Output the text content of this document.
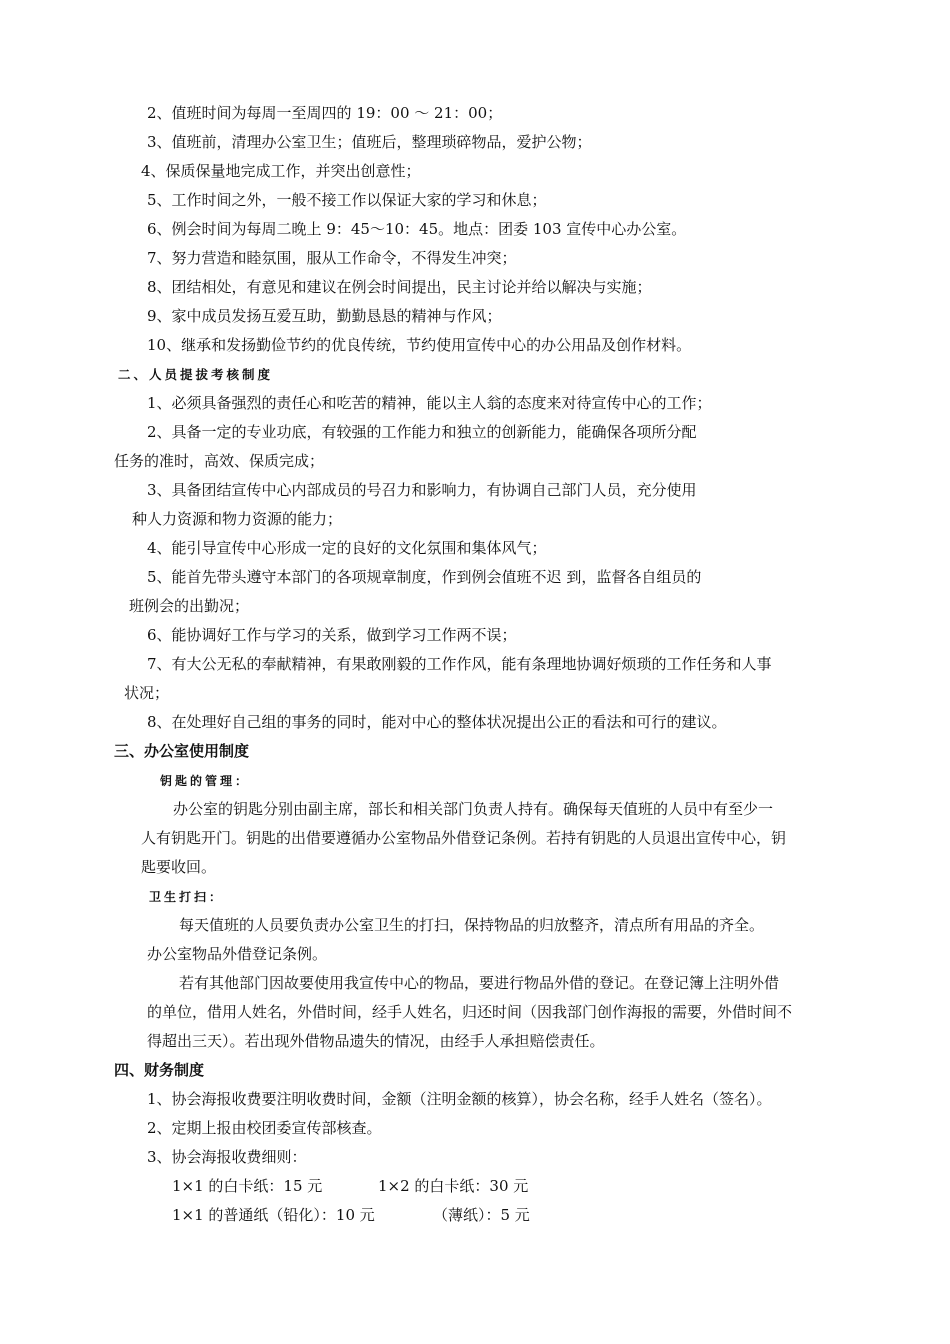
2、值班时间为每周一至周四的 19：00 ～ 21：00；
3、值班前，清理办公室卫生；值班后，整理琐碎物品，爱护公物；
4、保质保量地完成工作，并突出创意性；
5、工作时间之外，一般不接工作以保证大家的学习和休息；
6、例会时间为每周二晚上 9：45～10：45。地点：团委 103 宣传中心办公室。
7、努力营造和睦氛围，服从工作命令，不得发生冲突；
8、团结相处，有意见和建议在例会时间提出，民主讨论并给以解决与实施；
9、家中成员发扬互爱互助，勤勤恳恳的精神与作风；
10、继承和发扬勤俭节约的优良传统，节约使用宣传中心的办公用品及创作材料。
二、人员提拔考核制度
1、必须具备强烈的责任心和吃苦的精神，能以主人翁的态度来对待宣传中心的工作；
2、具备一定的专业功底，有较强的工作能力和独立的创新能力，能确保各项所分配
任务的准时，高效、保质完成；
3、具备团结宣传中心内部成员的号召力和影响力，有协调自己部门人员，充分使用
种人力资源和物力资源的能力；
4、能引导宣传中心形成一定的良好的文化氛围和集体风气；
5、能首先带头遵守本部门的各项规章制度，作到例会值班不迟 到，监督各自组员的
班例会的出勤况；
6、能协调好工作与学习的关系，做到学习工作两不误；
7、有大公无私的奉献精神，有果敢刚毅的工作作风，能有条理地协调好烦琐的工作任务和人事
状况；
8、在处理好自己组的事务的同时，能对中心的整体状况提出公正的看法和可行的建议。
三、办公室使用制度
钥匙的管理：
办公室的钥匙分别由副主席，部长和相关部门负责人持有。确保每天值班的人员中有至少一
人有钥匙开门。钥匙的出借要遵循办公室物品外借登记条例。若持有钥匙的人员退出宣传中心，钥
匙要收回。
卫生打扫：
每天值班的人员要负责办公室卫生的打扫，保持物品的归放整齐，清点所有用品的齐全。
办公室物品外借登记条例。
若有其他部门因故要使用我宣传中心的物品，要进行物品外借的登记。在登记簿上注明外借
的单位，借用人姓名，外借时间，经手人姓名，归还时间（因我部门创作海报的需要，外借时间不
得超出三天）。若出现外借物品遗失的情况，由经手人承担赔偿责任。
四、财务制度
1、协会海报收费要注明收费时间，金额（注明金额的核算），协会名称，经手人姓名（签名）。
2、定期上报由校团委宣传部核查。
3、协会海报收费细则：
1×1 的白卡纸：15 元	1×2 的白卡纸：30 元
1×1 的普通纸（铅化）：10 元	（薄纸）：5 元
